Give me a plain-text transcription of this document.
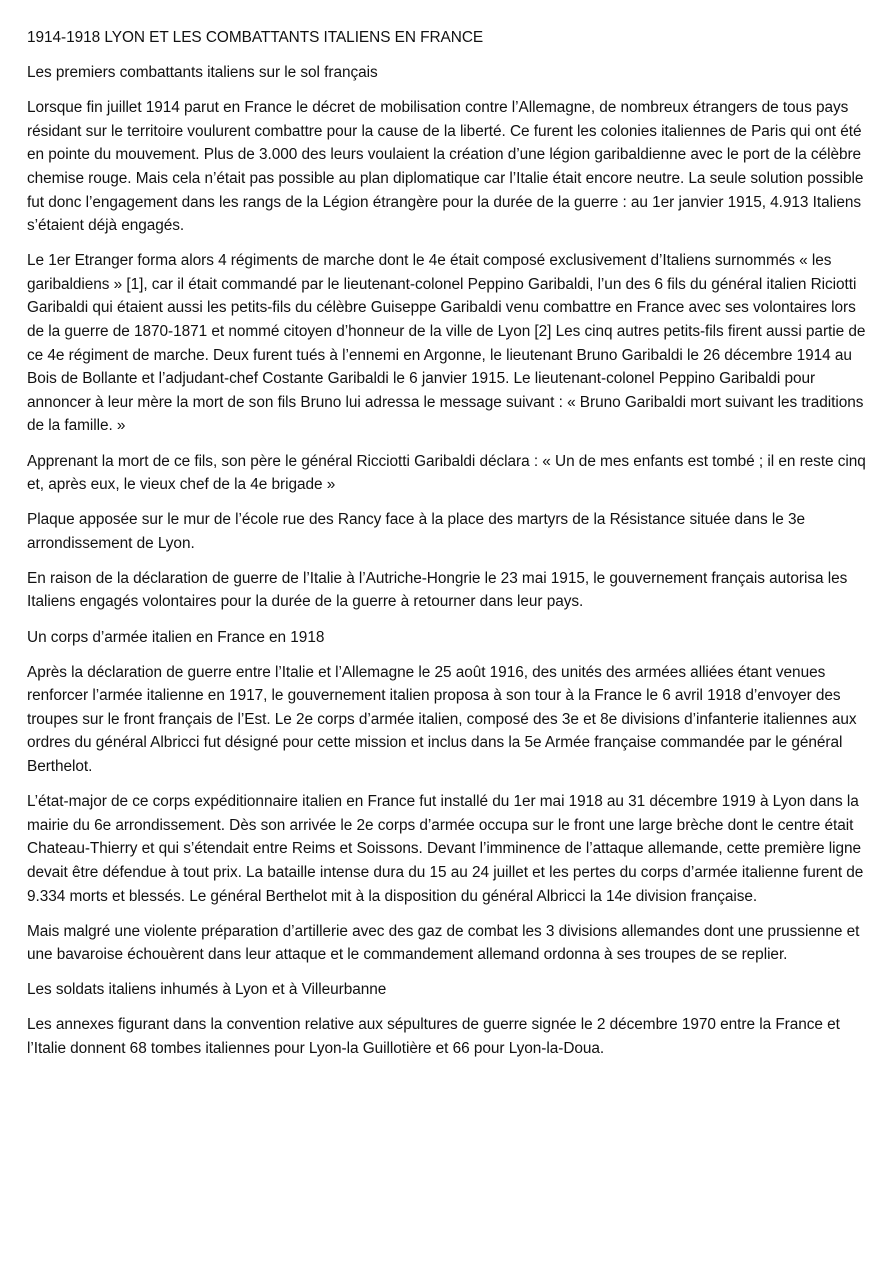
1914-1918 LYON ET LES COMBATTANTS ITALIENS EN FRANCE

Les premiers combattants italiens sur le sol français

Lorsque fin juillet 1914 parut en France le décret de mobilisation contre l’Allemagne, de nombreux étrangers de tous pays résidant sur le territoire voulurent combattre pour la cause de la liberté. Ce furent les colonies italiennes de Paris qui ont été en pointe du mouvement. Plus de 3.000 des leurs voulaient la création d’une légion garibaldienne avec le port de la célèbre chemise rouge. Mais cela n’était pas possible au plan diplomatique car l’Italie était encore neutre. La seule solution possible fut donc l’engagement dans les rangs de la Légion étrangère pour la durée de la guerre : au 1er janvier 1915, 4.913 Italiens s’étaient déjà engagés.

Le 1er Etranger forma alors 4 régiments de marche dont le 4e était composé exclusivement d’Italiens surnommés « les garibaldiens » [1], car il était commandé par le lieutenant-colonel Peppino Garibaldi, l’un des 6 fils du général italien Riciotti Garibaldi qui étaient aussi les petits-fils du célèbre Guiseppe Garibaldi venu combattre en France avec ses volontaires lors de la guerre de 1870-1871 et nommé citoyen d’honneur de la ville de Lyon [2] Les cinq autres petits-fils firent aussi partie de ce 4e régiment de marche. Deux furent tués à l’ennemi en Argonne, le lieutenant Bruno Garibaldi le 26 décembre 1914 au Bois de Bollante et l’adjudant-chef Costante Garibaldi le 6 janvier 1915. Le lieutenant-colonel Peppino Garibaldi pour annoncer à leur mère la mort de son fils Bruno lui adressa le message suivant : « Bruno Garibaldi mort suivant les traditions de la famille. »

Apprenant la mort de ce fils, son père le général Ricciotti Garibaldi déclara : « Un de mes enfants est tombé ; il en reste cinq et, après eux, le vieux chef de la 4e brigade »

Plaque apposée sur le mur de l’école rue des Rancy face à la place des martyrs de la Résistance située dans le 3e arrondissement de Lyon.

En raison de la déclaration de guerre de l’Italie à l’Autriche-Hongrie le 23 mai 1915, le gouvernement français autorisa les Italiens engagés volontaires pour la durée de la guerre à retourner dans leur pays.

Un corps d’armée italien en France en 1918

Après la déclaration de guerre entre l’Italie et l’Allemagne le 25 août 1916, des unités des armées alliées étant venues renforcer l’armée italienne en 1917, le gouvernement italien proposa à son tour à la France le 6 avril 1918 d’envoyer des troupes sur le front français de l’Est. Le 2e corps d’armée italien, composé des 3e et 8e divisions d’infanterie italiennes aux ordres du général Albricci fut désigné pour cette mission et inclus dans la 5e Armée française commandée par le général Berthelot.

L’état-major de ce corps expéditionnaire italien en France fut installé du 1er mai 1918 au 31 décembre 1919 à Lyon dans la mairie du 6e arrondissement. Dès son arrivée le 2e corps d’armée occupa sur le front une large brèche dont le centre était Chateau-Thierry et qui s’étendait entre Reims et Soissons. Devant l’imminence de l’attaque allemande, cette première ligne devait être défendue à tout prix. La bataille intense dura du 15 au 24 juillet et les pertes du corps d’armée italienne furent de 9.334 morts et blessés. Le général Berthelot mit à la disposition du général Albricci la 14e division française.

Mais malgré une violente préparation d’artillerie avec des gaz de combat les 3 divisions allemandes dont une prussienne et une bavaroise échouèrent dans leur attaque et le commandement allemand ordonna à ses troupes de se replier.

Les soldats italiens inhumés à Lyon et à Villeurbanne

Les annexes figurant dans la convention relative aux sépultures de guerre signée le 2 décembre 1970 entre la France et l’Italie donnent 68 tombes italiennes pour Lyon-la Guillotière et 66 pour Lyon-la-Doua.
